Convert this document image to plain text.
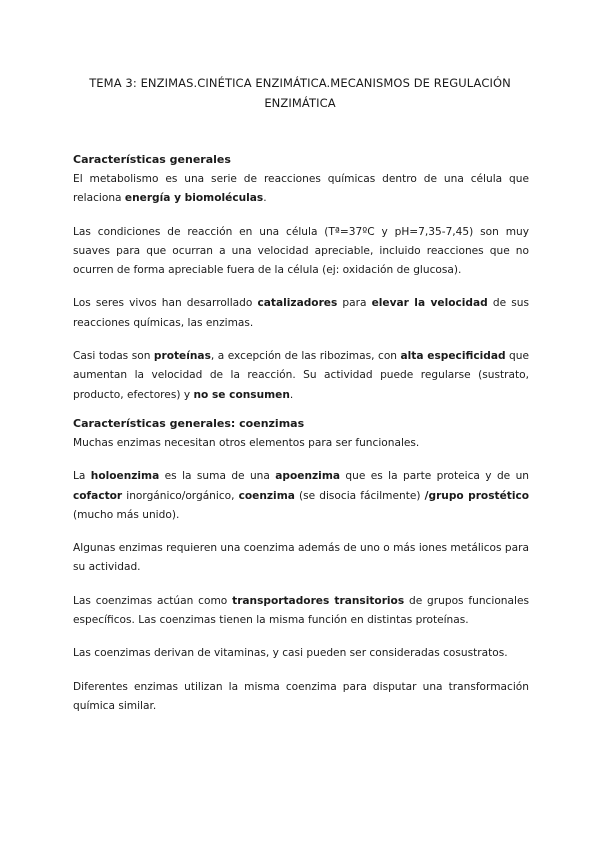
TEMA 3: ENZIMAS.CINÉTICA ENZIMÁTICA.MECANISMOS DE REGULACIÓN
ENZIMÁTICA
Características generales

El metabolismo es una serie de reacciones químicas dentro de una célula que relaciona energía y biomoléculas.

Las condiciones de reacción en una célula (Tª=37ºC y pH=7,35-7,45) son muy suaves para que ocurran a una velocidad apreciable, incluido reacciones que no ocurren de forma apreciable fuera de la célula (ej: oxidación de glucosa).

Los seres vivos han desarrollado catalizadores para elevar la velocidad de sus reacciones químicas, las enzimas.

Casi todas son proteínas, a excepción de las ribozimas, con alta especificidad que aumentan la velocidad de la reacción. Su actividad puede regularse (sustrato, producto, efectores) y no se consumen.

Características generales: coenzimas

Muchas enzimas necesitan otros elementos para ser funcionales.

La holoenzima es la suma de una apoenzima que es la parte proteica y de un cofactor inorgánico/orgánico, coenzima (se disocia fácilmente) /grupo prostético (mucho más unido).

Algunas enzimas requieren una coenzima además de uno o más iones metálicos para su actividad.

Las coenzimas actúan como transportadores transitorios de grupos funcionales específicos. Las coenzimas tienen la misma función en distintas proteínas.

Las coenzimas derivan de vitaminas, y casi pueden ser consideradas cosustratos.

Diferentes enzimas utilizan la misma coenzima para disputar una transformación química similar.
